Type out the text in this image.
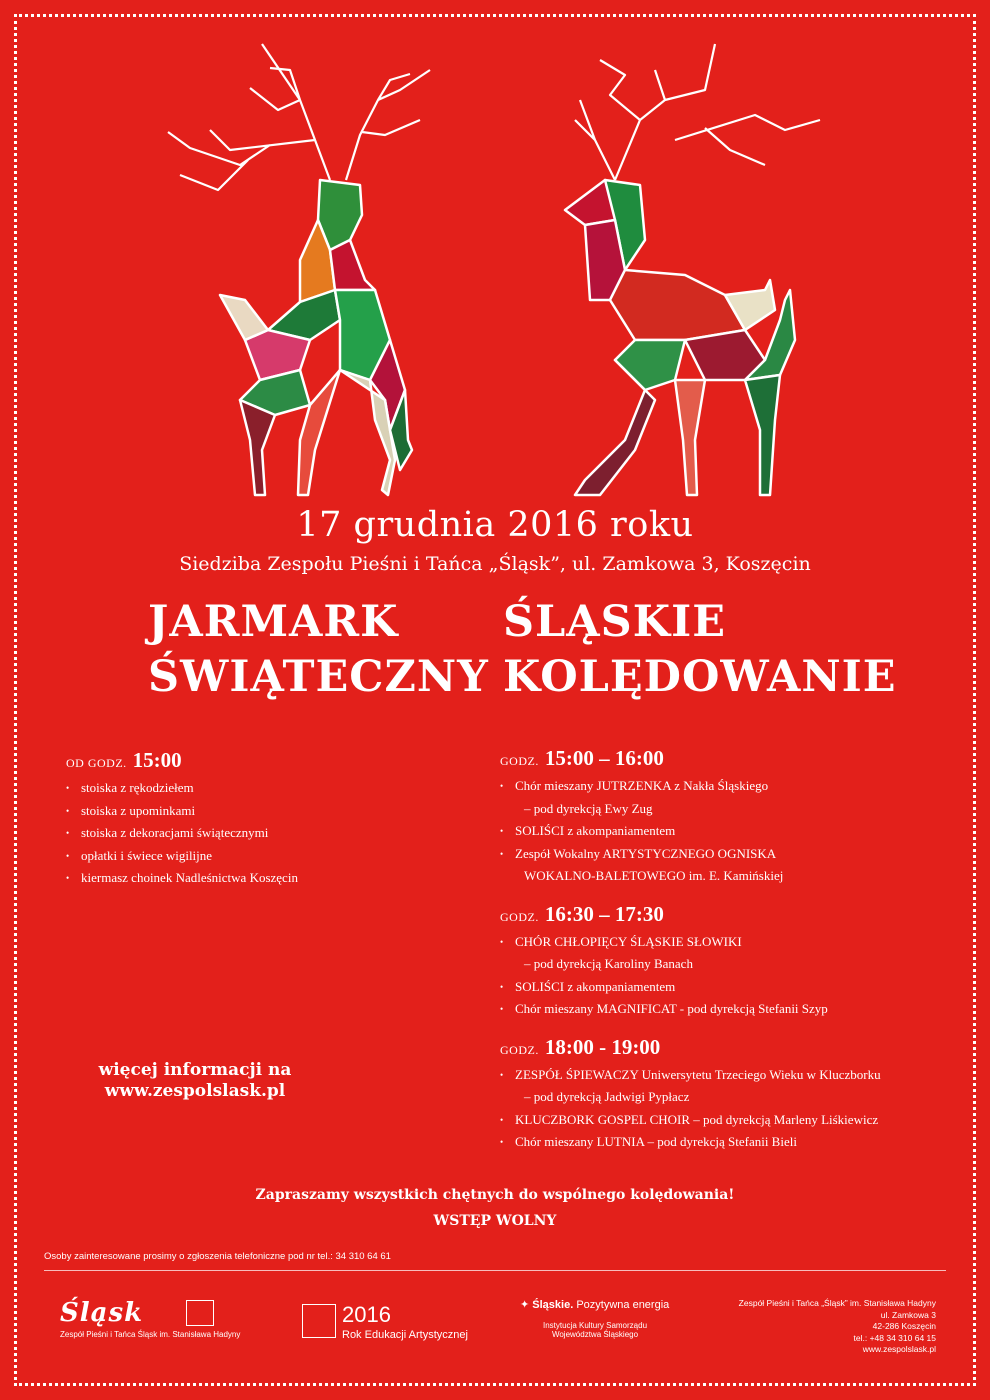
17 grudnia 2016 roku
Siedziba Zespołu Pieśni i Tańca „Śląsk”, ul. Zamkowa 3, Koszęcin
JARMARK
ŚWIĄTECZNY
ŚLĄSKIE
KOLĘDOWANIE
OD GODZ. 15:00
• stoiska z rękodziełem
• stoiska z upominkami
• stoiska z dekoracjami świątecznymi
• opłatki i świece wigilijne
• kiermasz choinek Nadleśnictwa Koszęcin
GODZ. 15:00 – 16:00
• Chór mieszany JUTRZENKA z Nakła Śląskiego
– pod dyrekcją Ewy Zug
• SOLIŚCI z akompaniamentem
• Zespół Wokalny ARTYSTYCZNEGO OGNISKA
WOKALNO-BALETOWEGO im. E. Kamińskiej
GODZ. 16:30 – 17:30
• CHÓR CHŁOPIĘCY ŚLĄSKIE SŁOWIKI
– pod dyrekcją Karoliny Banach
• SOLIŚCI z akompaniamentem
• Chór mieszany MAGNIFICAT - pod dyrekcją Stefanii Szyp
GODZ. 18:00 - 19:00
• ZESPÓŁ ŚPIEWACZY Uniwersytetu Trzeciego Wieku w Kluczborku
– pod dyrekcją Jadwigi Pypłacz
• KLUCZBORK GOSPEL CHOIR – pod dyrekcją Marleny Liśkiewicz
• Chór mieszany LUTNIA – pod dyrekcją Stefanii Bieli
więcej informacji na
www.zespolslask.pl
Zapraszamy wszystkich chętnych do wspólnego kolędowania!
WSTĘP WOLNY
Osoby zainteresowane prosimy o zgłoszenia telefoniczne pod nr tel.: 34 310 64 61
Śląsk
Zespół Pieśni i Tańca Śląsk im. Stanisława Hadyny
2016
Rok Edukacji Artystycznej
✦ Śląskie. Pozytywna energia
Instytucja Kultury Samorządu
Województwa Śląskiego
Zespół Pieśni i Tańca „Śląsk” im. Stanisława Hadyny
ul. Zamkowa 3
42-286 Koszęcin
tel.: +48 34 310 64 15
www.zespolslask.pl
